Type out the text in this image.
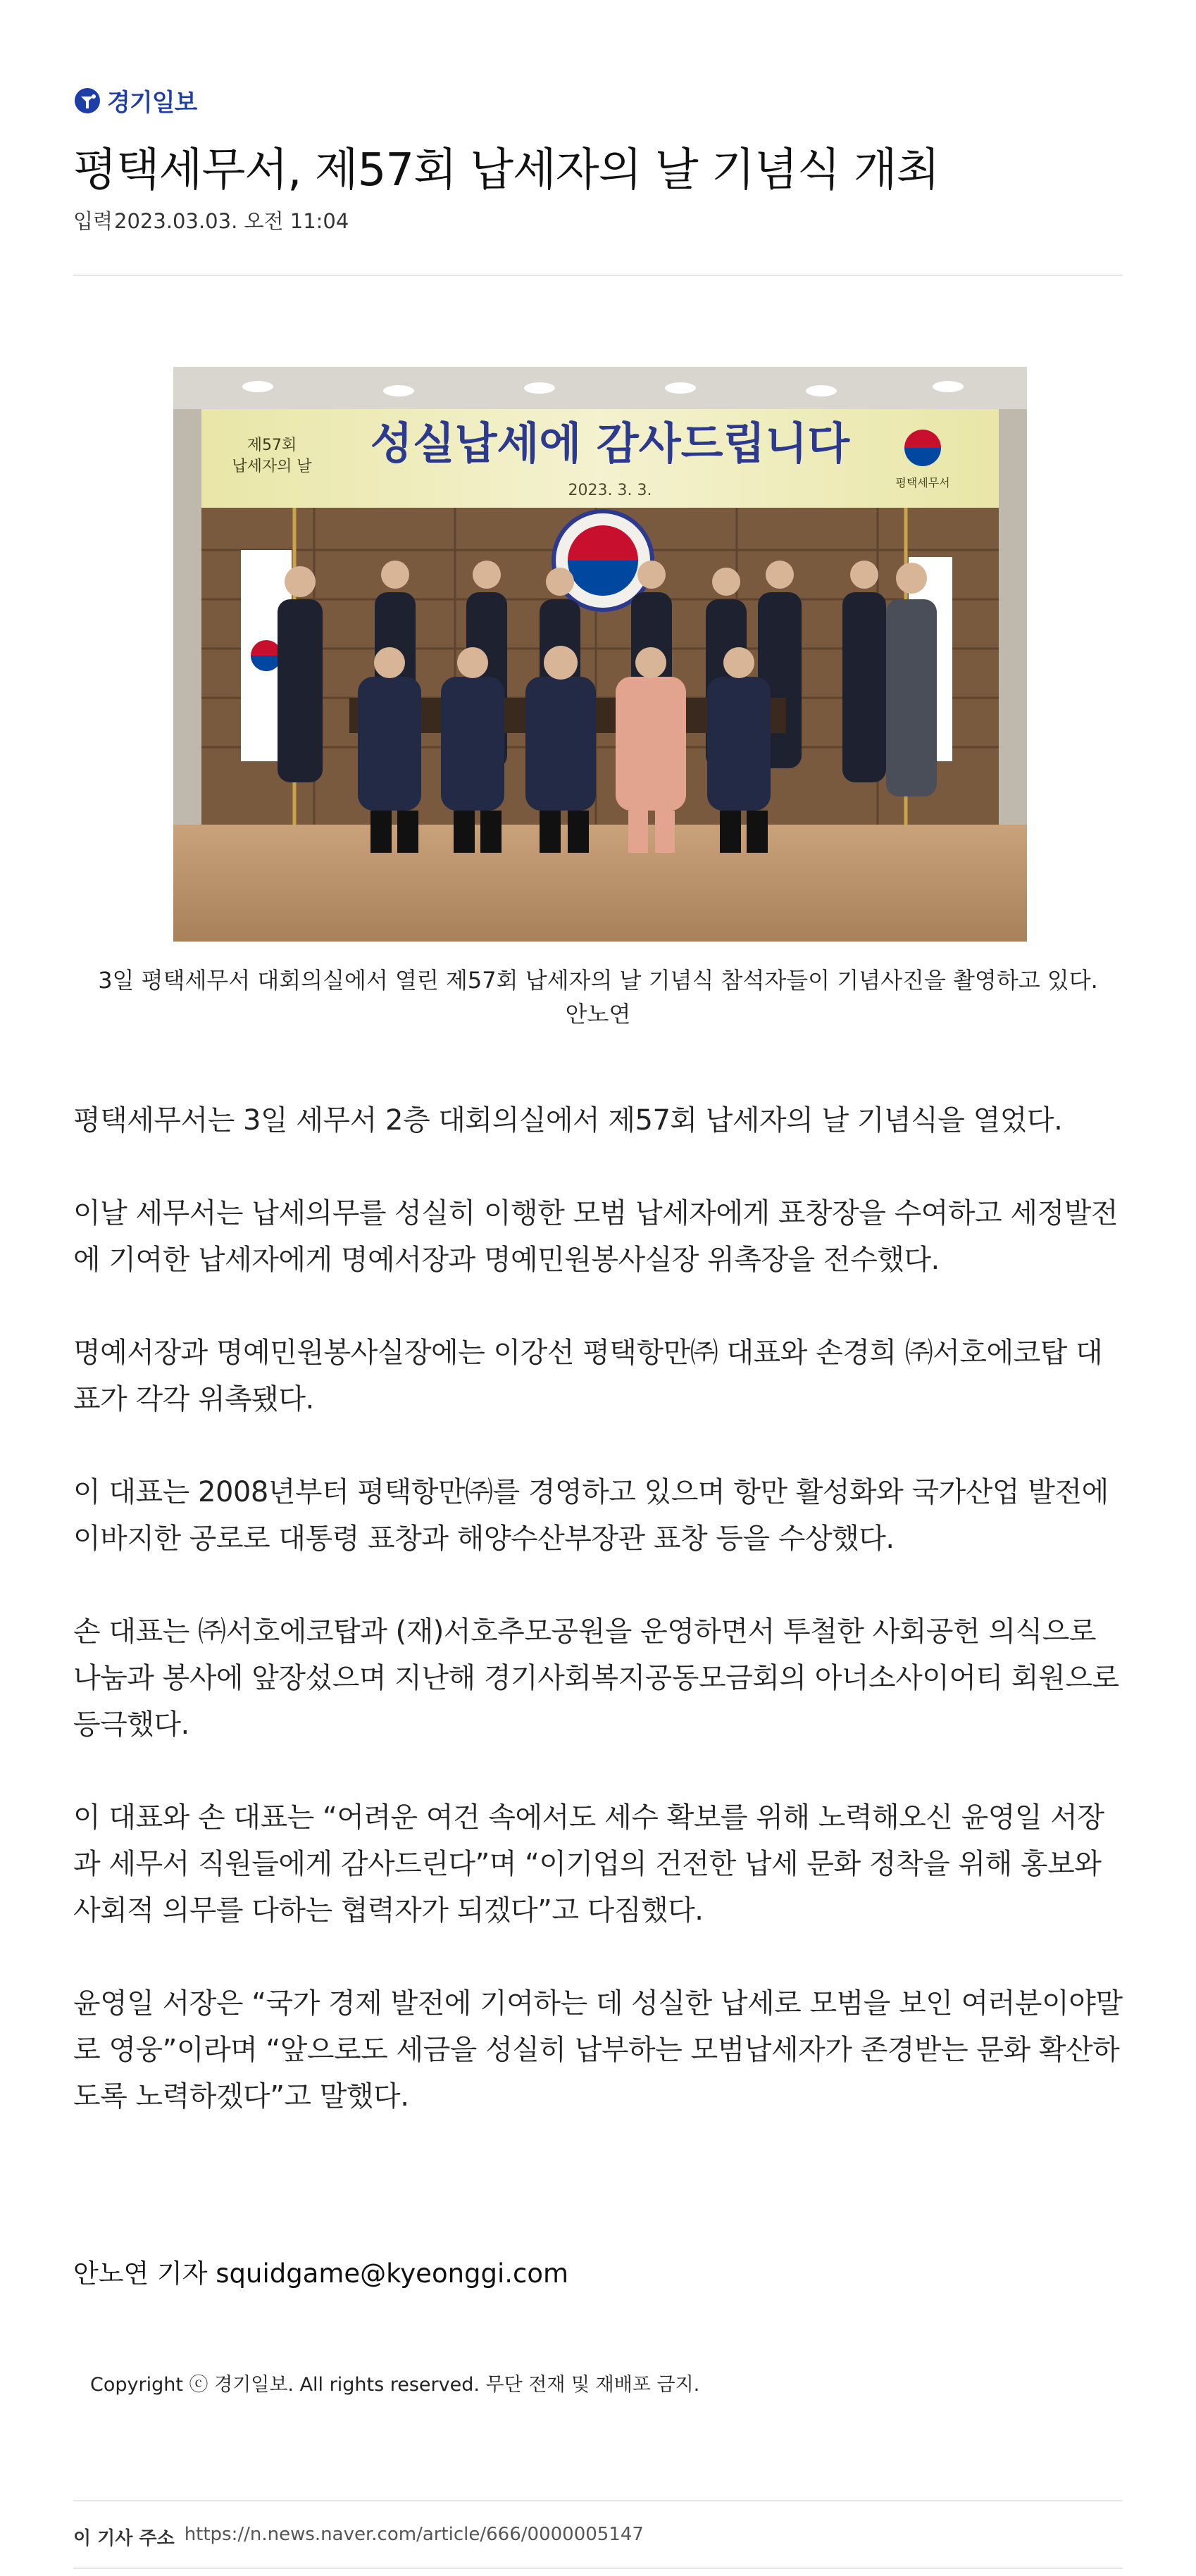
경기일보
평택세무서, 제57회 납세자의 날 기념식 개최
입력 2023.03.03. 오전 11:04
제57회
납세자의 날 성실납세에 감사드립니다
2023. 3. 3.	평택세무서
3일 평택세무서 대회의실에서 열린 제57회 납세자의 날 기념식 참석자들이 기념사진을 촬영하고 있다.
안노연

평택세무서는 3일 세무서 2층 대회의실에서 제57회 납세자의 날 기념식을 열었다.

이날 세무서는 납세의무를 성실히 이행한 모범 납세자에게 표창장을 수여하고 세정발전에 기여한 납세자에게 명예서장과 명예민원봉사실장 위촉장을 전수했다.

명예서장과 명예민원봉사실장에는 이강선 평택항만㈜ 대표와 손경희 ㈜서호에코탑 대표가 각각 위촉됐다.

이 대표는 2008년부터 평택항만㈜를 경영하고 있으며 항만 활성화와 국가산업 발전에 이바지한 공로로 대통령 표창과 해양수산부장관 표창 등을 수상했다.

손 대표는 ㈜서호에코탑과 (재)서호추모공원을 운영하면서 투철한 사회공헌 의식으로 나눔과 봉사에 앞장섰으며 지난해 경기사회복지공동모금회의 아너소사이어티 회원으로 등극했다.

이 대표와 손 대표는 “어려운 여건 속에서도 세수 확보를 위해 노력해오신 윤영일 서장과 세무서 직원들에게 감사드린다”며 “이기업의 건전한 납세 문화 정착을 위해 홍보와 사회적 의무를 다하는 협력자가 되겠다”고 다짐했다.

윤영일 서장은 “국가 경제 발전에 기여하는 데 성실한 납세로 모범을 보인 여러분이야말로 영웅”이라며 “앞으로도 세금을 성실히 납부하는 모범납세자가 존경받는 문화 확산하도록 노력하겠다”고 말했다.

안노연 기자 squidgame@kyeonggi.com
Copyright ⓒ 경기일보. All rights reserved. 무단 전재 및 재배포 금지.
이 기사 주소 https://n.news.naver.com/article/666/0000005147
